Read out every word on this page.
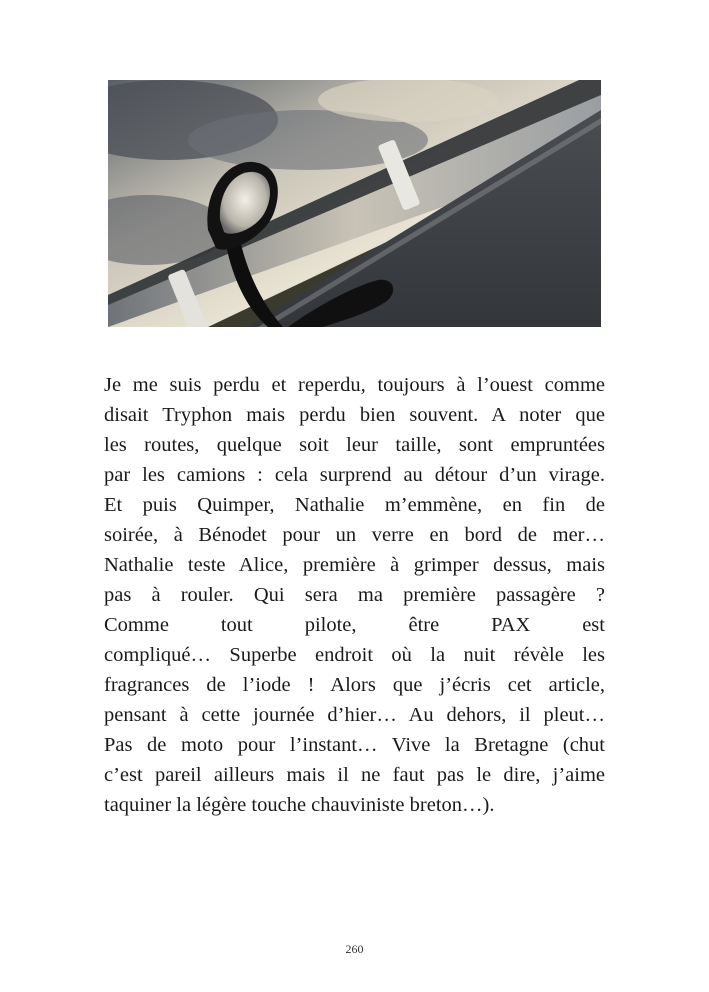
Je me suis perdu et reperdu, toujours à l’ouest comme
disait Tryphon mais perdu bien souvent. A noter que
les routes, quelque soit leur taille, sont empruntées
par les camions : cela surprend au détour d’un virage.
Et puis Quimper, Nathalie m’emmène, en fin de
soirée, à Bénodet pour un verre en bord de mer…
Nathalie teste Alice, première à grimper dessus, mais
pas à rouler. Qui sera ma première passagère ?
Comme tout pilote, être PAX est
compliqué… Superbe endroit où la nuit révèle les
fragrances de l’iode ! Alors que j’écris cet article,
pensant à cette journée d’hier… Au dehors, il pleut…
Pas de moto pour l’instant… Vive la Bretagne (chut
c’est pareil ailleurs mais il ne faut pas le dire, j’aime
taquiner la légère touche chauviniste breton…).
260
